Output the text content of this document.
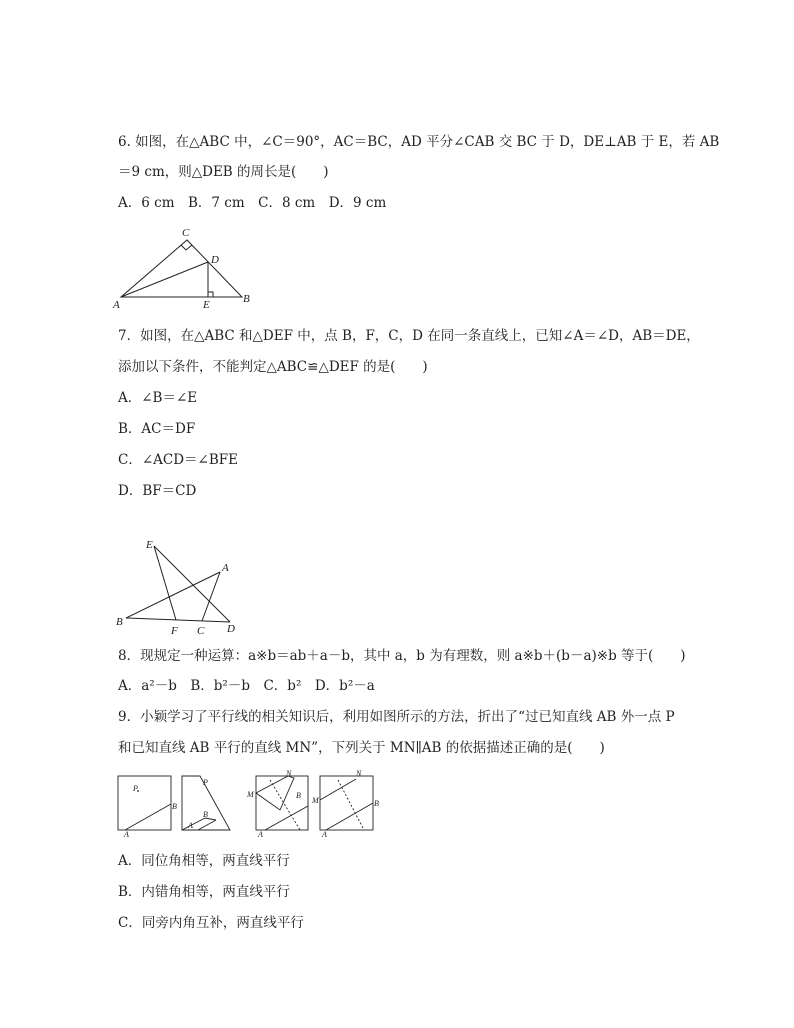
6. 如图，在△ABC 中，∠C＝90°，AC＝BC，AD 平分∠CAB 交 BC 于 D，DE⊥AB 于 E，若 AB
＝9 cm，则△DEB 的周长是(　　)
A．6 cm　B．7 cm　C．8 cm　D．9 cm
C
D
A	E	B
7．如图，在△ABC 和△DEF 中，点 B，F，C，D 在同一条直线上，已知∠A＝∠D，AB＝DE，
添加以下条件，不能判定△ABC≌△DEF 的是(　　)
A．∠B＝∠E
B．AC＝DF
C．∠ACD＝∠BFE
D．BF＝CD
E
A
B
F C D
8．现规定一种运算：a※b＝ab＋a－b，其中 a，b 为有理数，则 a※b＋(b－a)※b 等于(　　)
A．a²－b　B．b²－b　C．b²　D．b²－a
9．小颖学习了平行线的相关知识后，利用如图所示的方法，折出了“过已知直线 AB 外一点 P
和已知直线 AB 平行的直线 MN”，下列关于 MN∥AB 的依据描述正确的是(　　)
P
B
A
P
B
A
N
M	B
A
N
M	B
A
A．同位角相等，两直线平行
B．内错角相等，两直线平行
C．同旁内角互补，两直线平行
